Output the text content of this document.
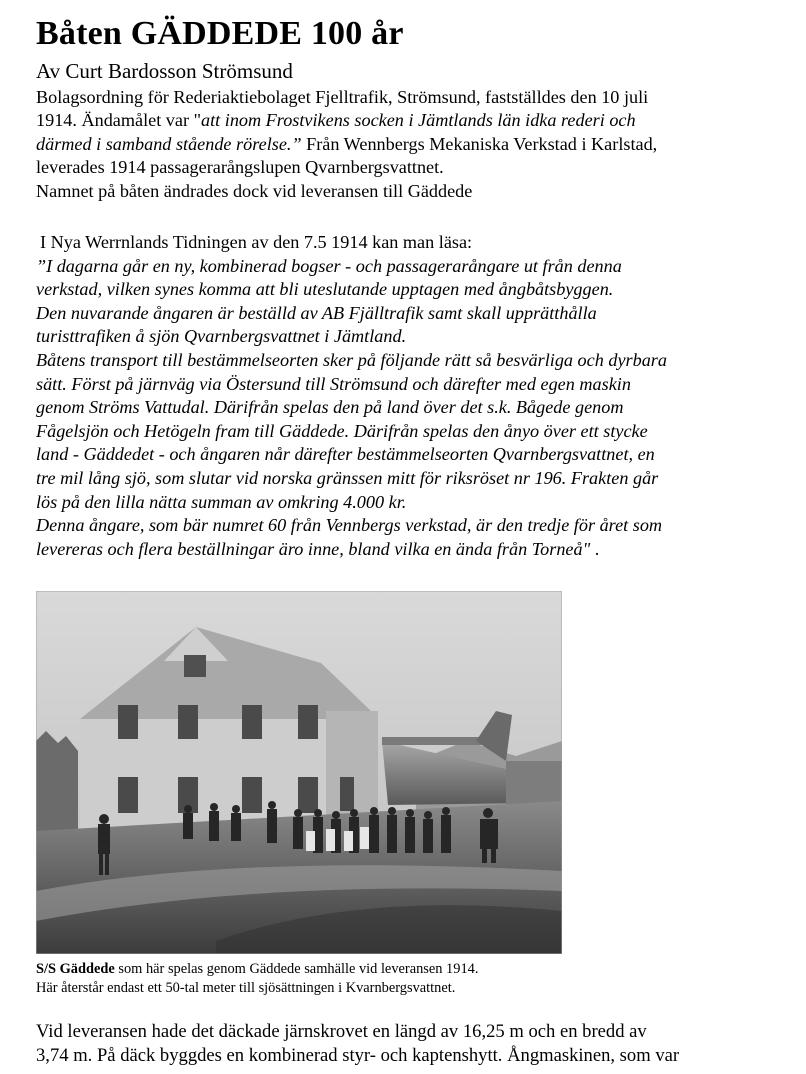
Båten GÄDDEDE 100 år
Av Curt Bardosson Strömsund

Bolagsordning för Rederiaktiebolaget Fjelltrafik, Strömsund, fastställdes den 10 juli

1914. Ändamålet var "att inom Frostvikens socken i Jämtlands län idka rederi och

därmed i samband stående rörelse.” Från Wennbergs Mekaniska Verkstad i Karlstad,

leverades 1914 passagerarångslupen Qvarnbergsvattnet.

Namnet på båten ändrades dock vid leveransen till Gäddede

I Nya Werrnlands Tidningen av den 7.5 1914 kan man läsa:

”I dagarna går en ny, kombinerad bogser - och passagerarångare ut från denna

verkstad, vilken synes komma att bli uteslutande upptagen med ångbåtsbyggen.

Den nuvarande ångaren är beställd av AB Fjälltrafik samt skall upprätthålla

turisttrafiken å sjön Qvarnbergsvattnet i Jämtland.

Båtens transport till bestämmelseorten sker på följande rätt så besvärliga och dyrbara

sätt. Först på järnväg via Östersund till Strömsund och därefter med egen maskin

genom Ströms Vattudal. Därifrån spelas den på land över det s.k. Bågede genom

Fågelsjön och Hetögeln fram till Gäddede. Därifrån spelas den ånyo över ett stycke

land - Gäddedet - och ångaren når därefter bestämmelseorten Qvarnbergsvattnet, en

tre mil lång sjö, som slutar vid norska gränssen mitt för riksröset nr 196. Frakten går

lös på den lilla nätta summan av omkring 4.000 kr.

Denna ångare, som bär numret 60 från Vennbergs verkstad, är den tredje för året som

levereras och flera beställningar äro inne, bland vilka en ända från Torneå" .

S/S Gäddede som här spelas genom Gäddede samhälle vid leveransen 1914.

Här återstår endast ett 50-tal meter till sjösättningen i Kvarnbergsvattnet.

Vid leveransen hade det däckade järnskrovet en längd av 16,25 m och en bredd av

3,74 m. På däck byggdes en kombinerad styr- och kaptenshytt. Ångmaskinen, som var
